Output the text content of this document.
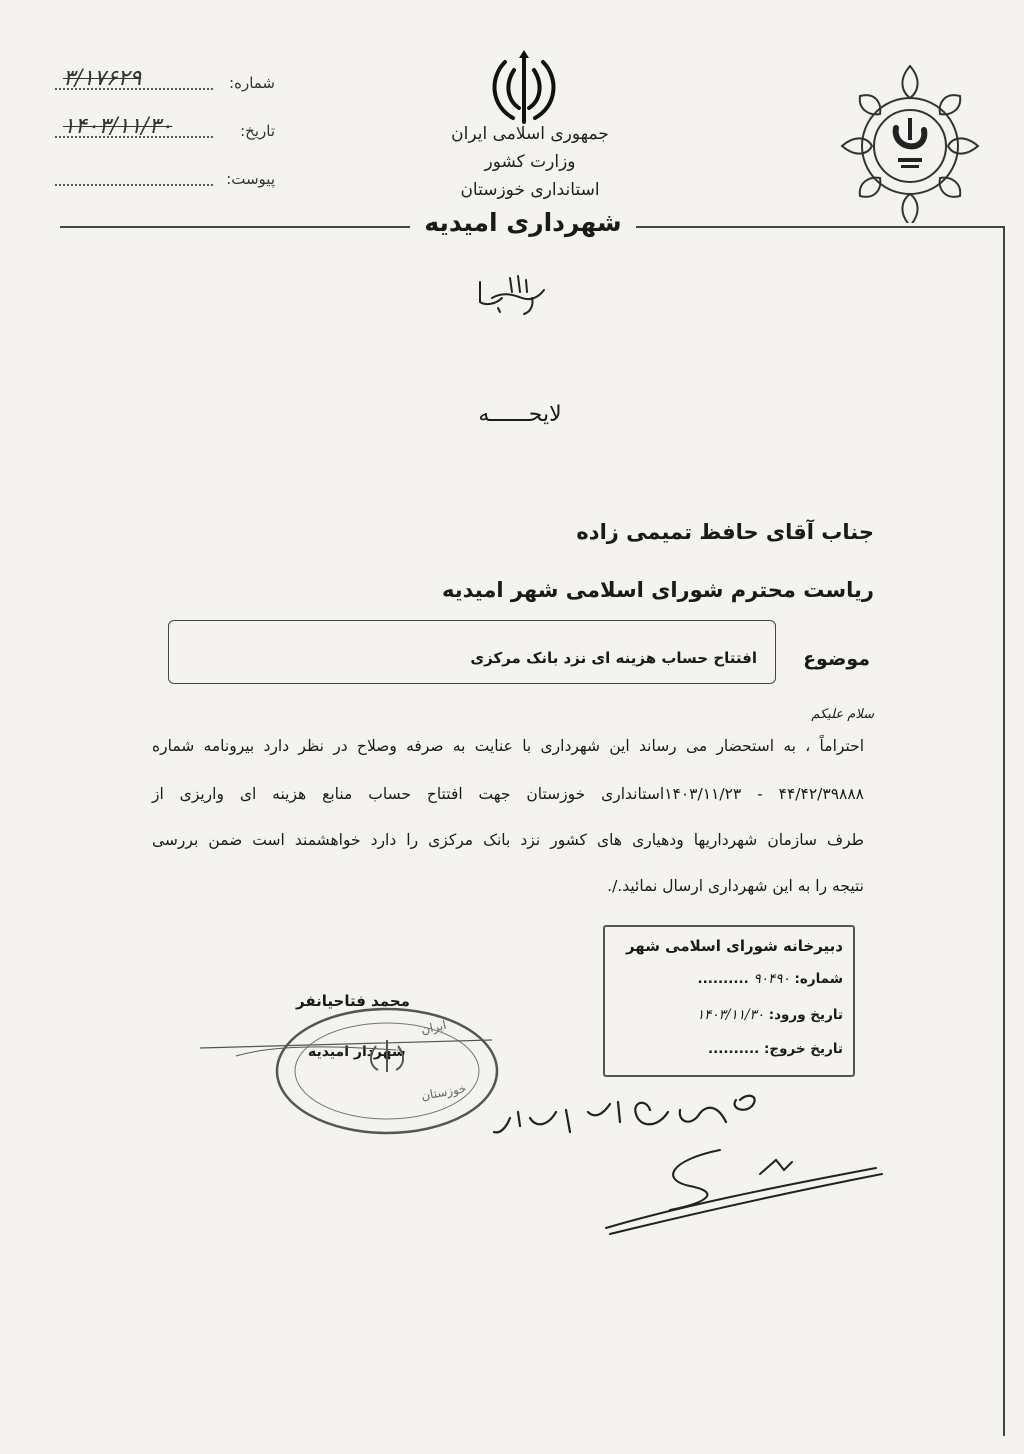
شماره:
۳/۱۷۶۲۹
تاریخ:
۱۴۰۳/۱۱/۳۰
پیوست:
جمهوری اسلامی ایران
وزارت کشور
استانداری خوزستان
شهرداری امیدیه
لایحــــــه
جناب آقای حافظ تمیمی زاده
ریاست محترم شورای اسلامی شهر امیدیه
افتتاح حساب هزینه ای نزد بانک مرکزی	موضوع
سلام علیکم
احتراماً ، به استحضار می رساند این شهرداری با عنایت به صرفه وصلاح در نظر دارد بیرونامه شماره
۴۴/۴۲/۳۹۸۸۸ - ۱۴۰۳/۱۱/۲۳استانداری خوزستان جهت افتتاح حساب منابع هزینه ای واریزی از
طرف سازمان شهرداریها ودهیاری های کشور نزد بانک مرکزی را دارد خواهشمند است ضمن بررسی
نتیجه را به این شهرداری ارسال نمائید./.
دبیرخانه شورای اسلامی شهر
شماره: ۹۰۴۹۰ ..........
تاریخ ورود: ۱۴۰۳/۱۱/۳۰
تاریخ خروج: ..........
محمد فتاحیانفر
شهردار امیدیه
ایران
خوزستان
